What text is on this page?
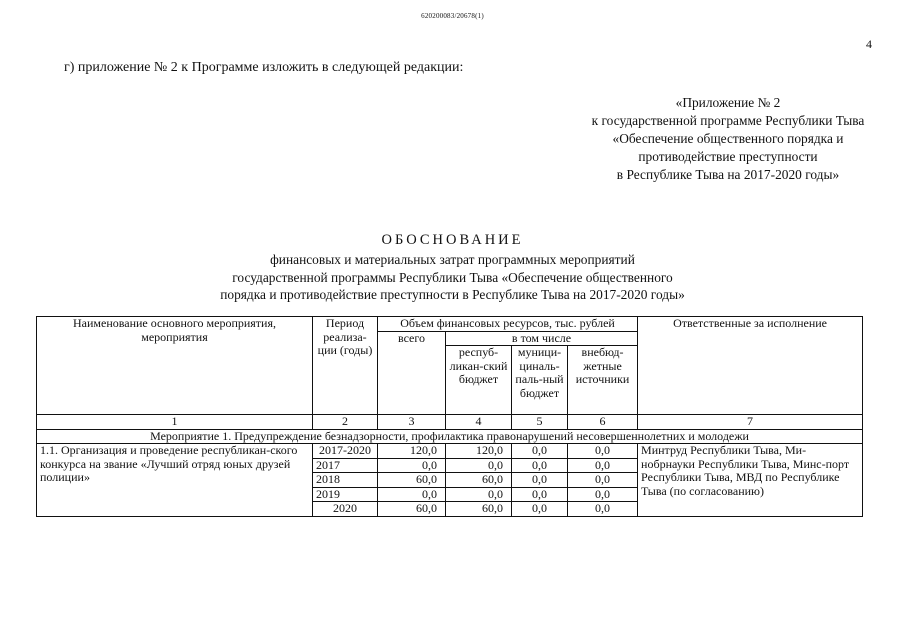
620200083/20678(1)
4
г) приложение № 2 к Программе изложить в следующей редакции:
«Приложение № 2
к государственной программе Республики Тыва
«Обеспечение общественного порядка и
противодействие преступности
в Республике Тыва на 2017-2020 годы»
ОБОСНОВАНИЕ
финансовых и материальных затрат программных мероприятий
государственной программы Республики Тыва «Обеспечение общественного
порядка и противодействие преступности в Республике Тыва на 2017-2020 годы»
Наименование основного мероприятия, мероприятия	Период реализа-ции (годы)	Объем финансовых ресурсов, тыс. рублей				Ответственные за исполнение
		всего	в том числе			
			респуб-ликан-ский бюджет	муници-циналь-паль-ный бюджет	внебюд-жетные источники	
1	2	3	4	5	6	7
Мероприятие 1. Предупреждение безнадзорности, профилактика правонарушений несовершеннолетних и молодежи						
1.1. Организация и проведение республикан-ского конкурса на звание «Лучший отряд юных друзей полиции»	2017-2020	120,0	120,0	0,0	0,0	Минтруд Республики Тыва, Ми-нобрнауки Республики Тыва, Минс-порт Республики Тыва, МВД по Республике Тыва (по согласованию)
	2017	0,0	0,0	0,0	0,0	
	2018	60,0	60,0	0,0	0,0	
	2019	0,0	0,0	0,0	0,0	
	2020	60,0	60,0	0,0	0,0	
